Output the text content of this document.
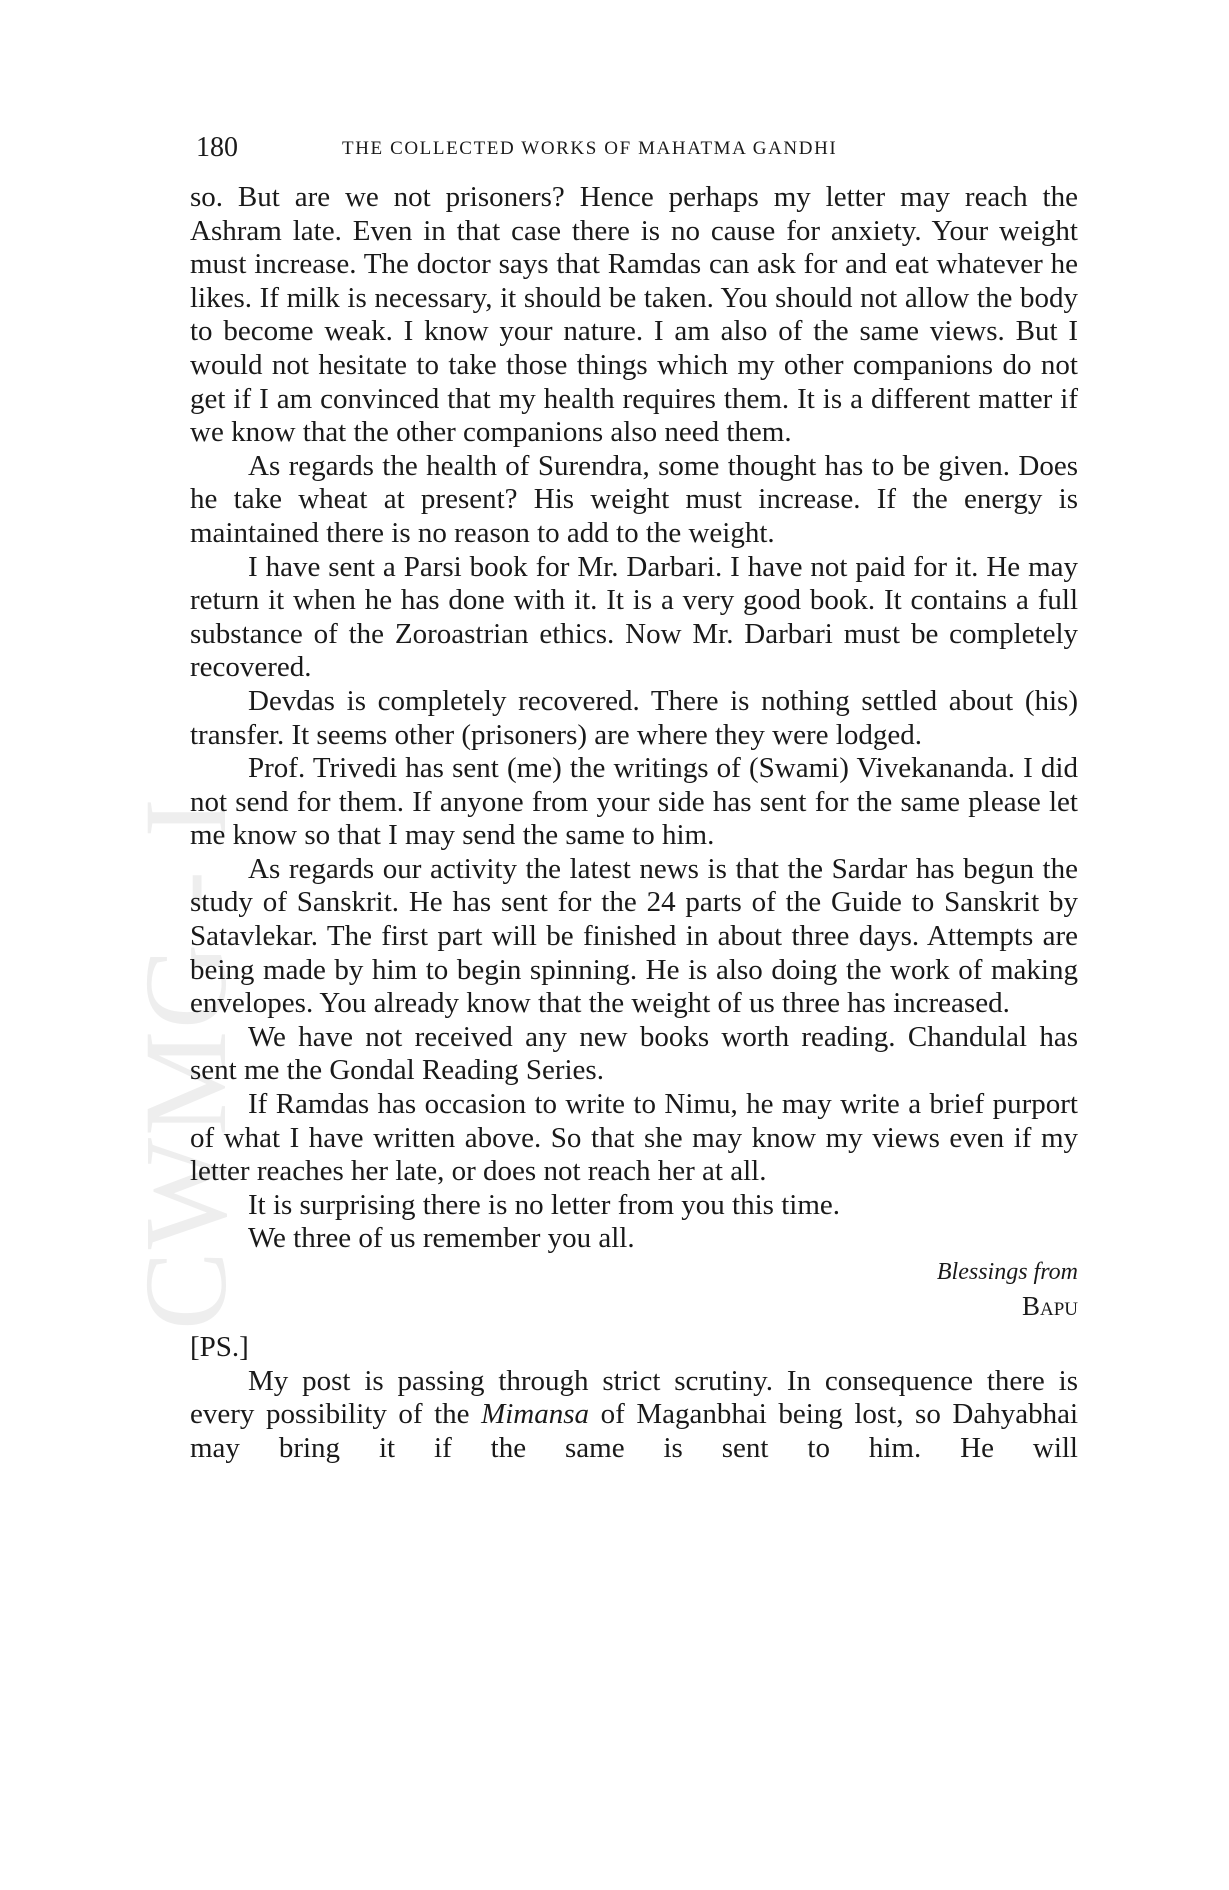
CWMG - I
180	THE COLLECTED WORKS OF MAHATMA GANDHI

so. But are we not prisoners? Hence perhaps my letter may reach the Ashram late. Even in that case there is no cause for anxiety. Your weight must increase. The doctor says that Ramdas can ask for and eat whatever he likes. If milk is necessary, it should be taken. You should not allow the body to become weak. I know your nature. I am also of the same views. But I would not hesitate to take those things which my other companions do not get if I am convinced that my health requires them. It is a different matter if we know that the other companions also need them.

As regards the health of Surendra, some thought has to be given. Does he take wheat at present? His weight must increase. If the energy is maintained there is no reason to add to the weight.

I have sent a Parsi book for Mr. Darbari. I have not paid for it. He may return it when he has done with it. It is a very good book. It contains a full substance of the Zoroastrian ethics. Now Mr. Darbari must be completely recovered.

Devdas is completely recovered. There is nothing settled about (his) transfer. It seems other (prisoners) are where they were lodged.

Prof. Trivedi has sent (me) the writings of (Swami) Vivekananda. I did not send for them. If anyone from your side has sent for the same please let me know so that I may send the same to him.

As regards our activity the latest news is that the Sardar has begun the study of Sanskrit. He has sent for the 24 parts of the Guide to Sanskrit by Satavlekar. The first part will be finished in about three days. Attempts are being made by him to begin spinning. He is also doing the work of making envelopes. You already know that the weight of us three has increased.

We have not received any new books worth reading. Chandulal has sent me the Gondal Reading Series.

If Ramdas has occasion to write to Nimu, he may write a brief purport of what I have written above. So that she may know my views even if my letter reaches her late, or does not reach her at all.

It is surprising there is no letter from you this time.

We three of us remember you all.

Blessings from

Bapu

[PS.]

My post is passing through strict scrutiny. In consequence there is every possibility of the Mimansa of Maganbhai being lost, so Dahyabhai may bring it if the same is sent to him. He will
